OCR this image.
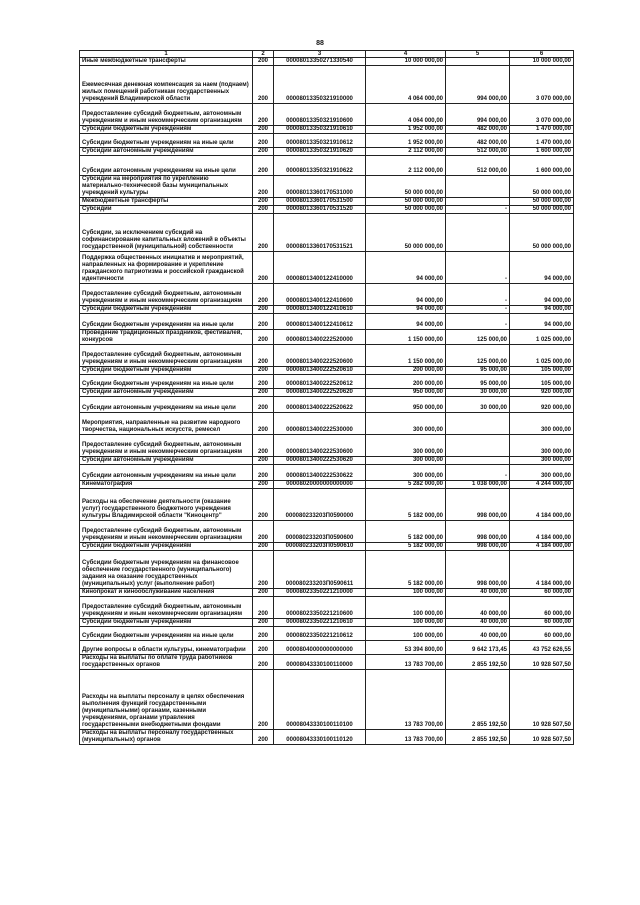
88
1	2	3	4	5	6
Иные межбюджетные трансферты	200	00008013350271330540	10 000 000,00		10 000 000,00
Ежемесячная денежная компенсация за наем (поднаем) жилых помещений работникам государственных учреждений Владимирской области	200	00008013350321910000	4 064 000,00	994 000,00	3 070 000,00
Предоставление субсидий бюджетным, автономным учреждениям и иным некоммерческим организациям	200	00008013350321910600	4 064 000,00	994 000,00	3 070 000,00
Субсидии бюджетным учреждениям	200	00008013350321910610	1 952 000,00	482 000,00	1 470 000,00
Субсидии бюджетным учреждениям на иные цели	200	00008013350321910612	1 952 000,00	482 000,00	1 470 000,00
Субсидии автономным учреждениям	200	00008013350321910620	2 112 000,00	512 000,00	1 600 000,00
Субсидии автономным учреждениям на иные цели	200	00008013350321910622	2 112 000,00	512 000,00	1 600 000,00
Субсидии на мероприятия по укреплению материально-технической базы муниципальных учреждений культуры	200	00008013360170531000	50 000 000,00		50 000 000,00
Межбюджетные трансферты	200	00008013360170531500	50 000 000,00		50 000 000,00
Субсидии	200	00008013360170531520	50 000 000,00	-	50 000 000,00
Субсидии, за исключением субсидий на софинансирование капитальных вложений в объекты государственной (муниципальной) собственности	200	00008013360170531521	50 000 000,00		50 000 000,00
Поддержка общественных инициатив и мероприятий, направленных на формирование и укрепление гражданского патриотизма и российской гражданской идентичности	200	00008013400122410000	94 000,00	-	94 000,00
Предоставление субсидий бюджетным, автономным учреждениям и иным некоммерческим организациям	200	00008013400122410600	94 000,00	-	94 000,00
Субсидии бюджетным учреждениям	200	00008013400122410610	94 000,00	-	94 000,00
Субсидии бюджетным учреждениям на иные цели	200	00008013400122410612	94 000,00	-	94 000,00
Проведение традиционных праздников, фестивалей, конкурсов	200	00008013400222520000	1 150 000,00	125 000,00	1 025 000,00
Предоставление субсидий бюджетным, автономным учреждениям и иным некоммерческим организациям	200	00008013400222520600	1 150 000,00	125 000,00	1 025 000,00
Субсидии бюджетным учреждениям	200	00008013400222520610	200 000,00	95 000,00	105 000,00
Субсидии бюджетным учреждениям на иные цели	200	00008013400222520612	200 000,00	95 000,00	105 000,00
Субсидии автономным учреждениям	200	00008013400222520620	950 000,00	30 000,00	920 000,00
Субсидии автономным учреждениям на иные цели	200	00008013400222520622	950 000,00	30 000,00	920 000,00
Мероприятия, направленные на развитие народного творчества, национальных искусств, ремесел	200	00008013400222530000	300 000,00		300 000,00
Предоставление субсидий бюджетным, автономным учреждениям и иным некоммерческим организациям	200	00008013400222530600	300 000,00		300 000,00
Субсидии автономным учреждениям	200	00008013400222530620	300 000,00		300 000,00
Субсидии автономным учреждениям на иные цели	200	00008013400222530622	300 000,00	-	300 000,00
Кинематография	200	00008020000000000000	5 282 000,00	1 038 000,00	4 244 000,00
Расходы на обеспечение деятельности (оказание услуг) государственного бюджетного учреждения культуры Владимирской области "Киноцентр"	200	000080233203П0590000	5 182 000,00	998 000,00	4 184 000,00
Предоставление субсидий бюджетным, автономным учреждениям и иным некоммерческим организациям	200	000080233203П0590600	5 182 000,00	998 000,00	4 184 000,00
Субсидии бюджетным учреждениям	200	000080233203П0590610	5 182 000,00	998 000,00	4 184 000,00
Субсидии бюджетным учреждениям на финансовое обеспечение государственного (муниципального) задания на оказание государственных (муниципальных) услуг (выполнение работ)	200	000080233203П0590611	5 182 000,00	998 000,00	4 184 000,00
Кинопрокат и кинообслуживание населения	200	00008023350221210000	100 000,00	40 000,00	60 000,00
Предоставление субсидий бюджетным, автономным учреждениям и иным некоммерческим организациям	200	00008023350221210600	100 000,00	40 000,00	60 000,00
Субсидии бюджетным учреждениям	200	00008023350221210610	100 000,00	40 000,00	60 000,00
Субсидии бюджетным учреждениям на иные цели	200	00008023350221210612	100 000,00	40 000,00	60 000,00
Другие вопросы в области культуры, кинематографии	200	00008040000000000000	53 394 800,00	9 642 173,45	43 752 626,55
Расходы на выплаты по оплате труда работников государственных органов	200	00008043330100110000	13 783 700,00	2 855 192,50	10 928 507,50
Расходы на выплаты персоналу в целях обеспечения выполнения функций государственными (муниципальными) органами, казенными учреждениями, органами управления государственными внебюджетными фондами	200	00008043330100110100	13 783 700,00	2 855 192,50	10 928 507,50
Расходы на выплаты персоналу государственных (муниципальных) органов	200	00008043330100110120	13 783 700,00	2 855 192,50	10 928 507,50
